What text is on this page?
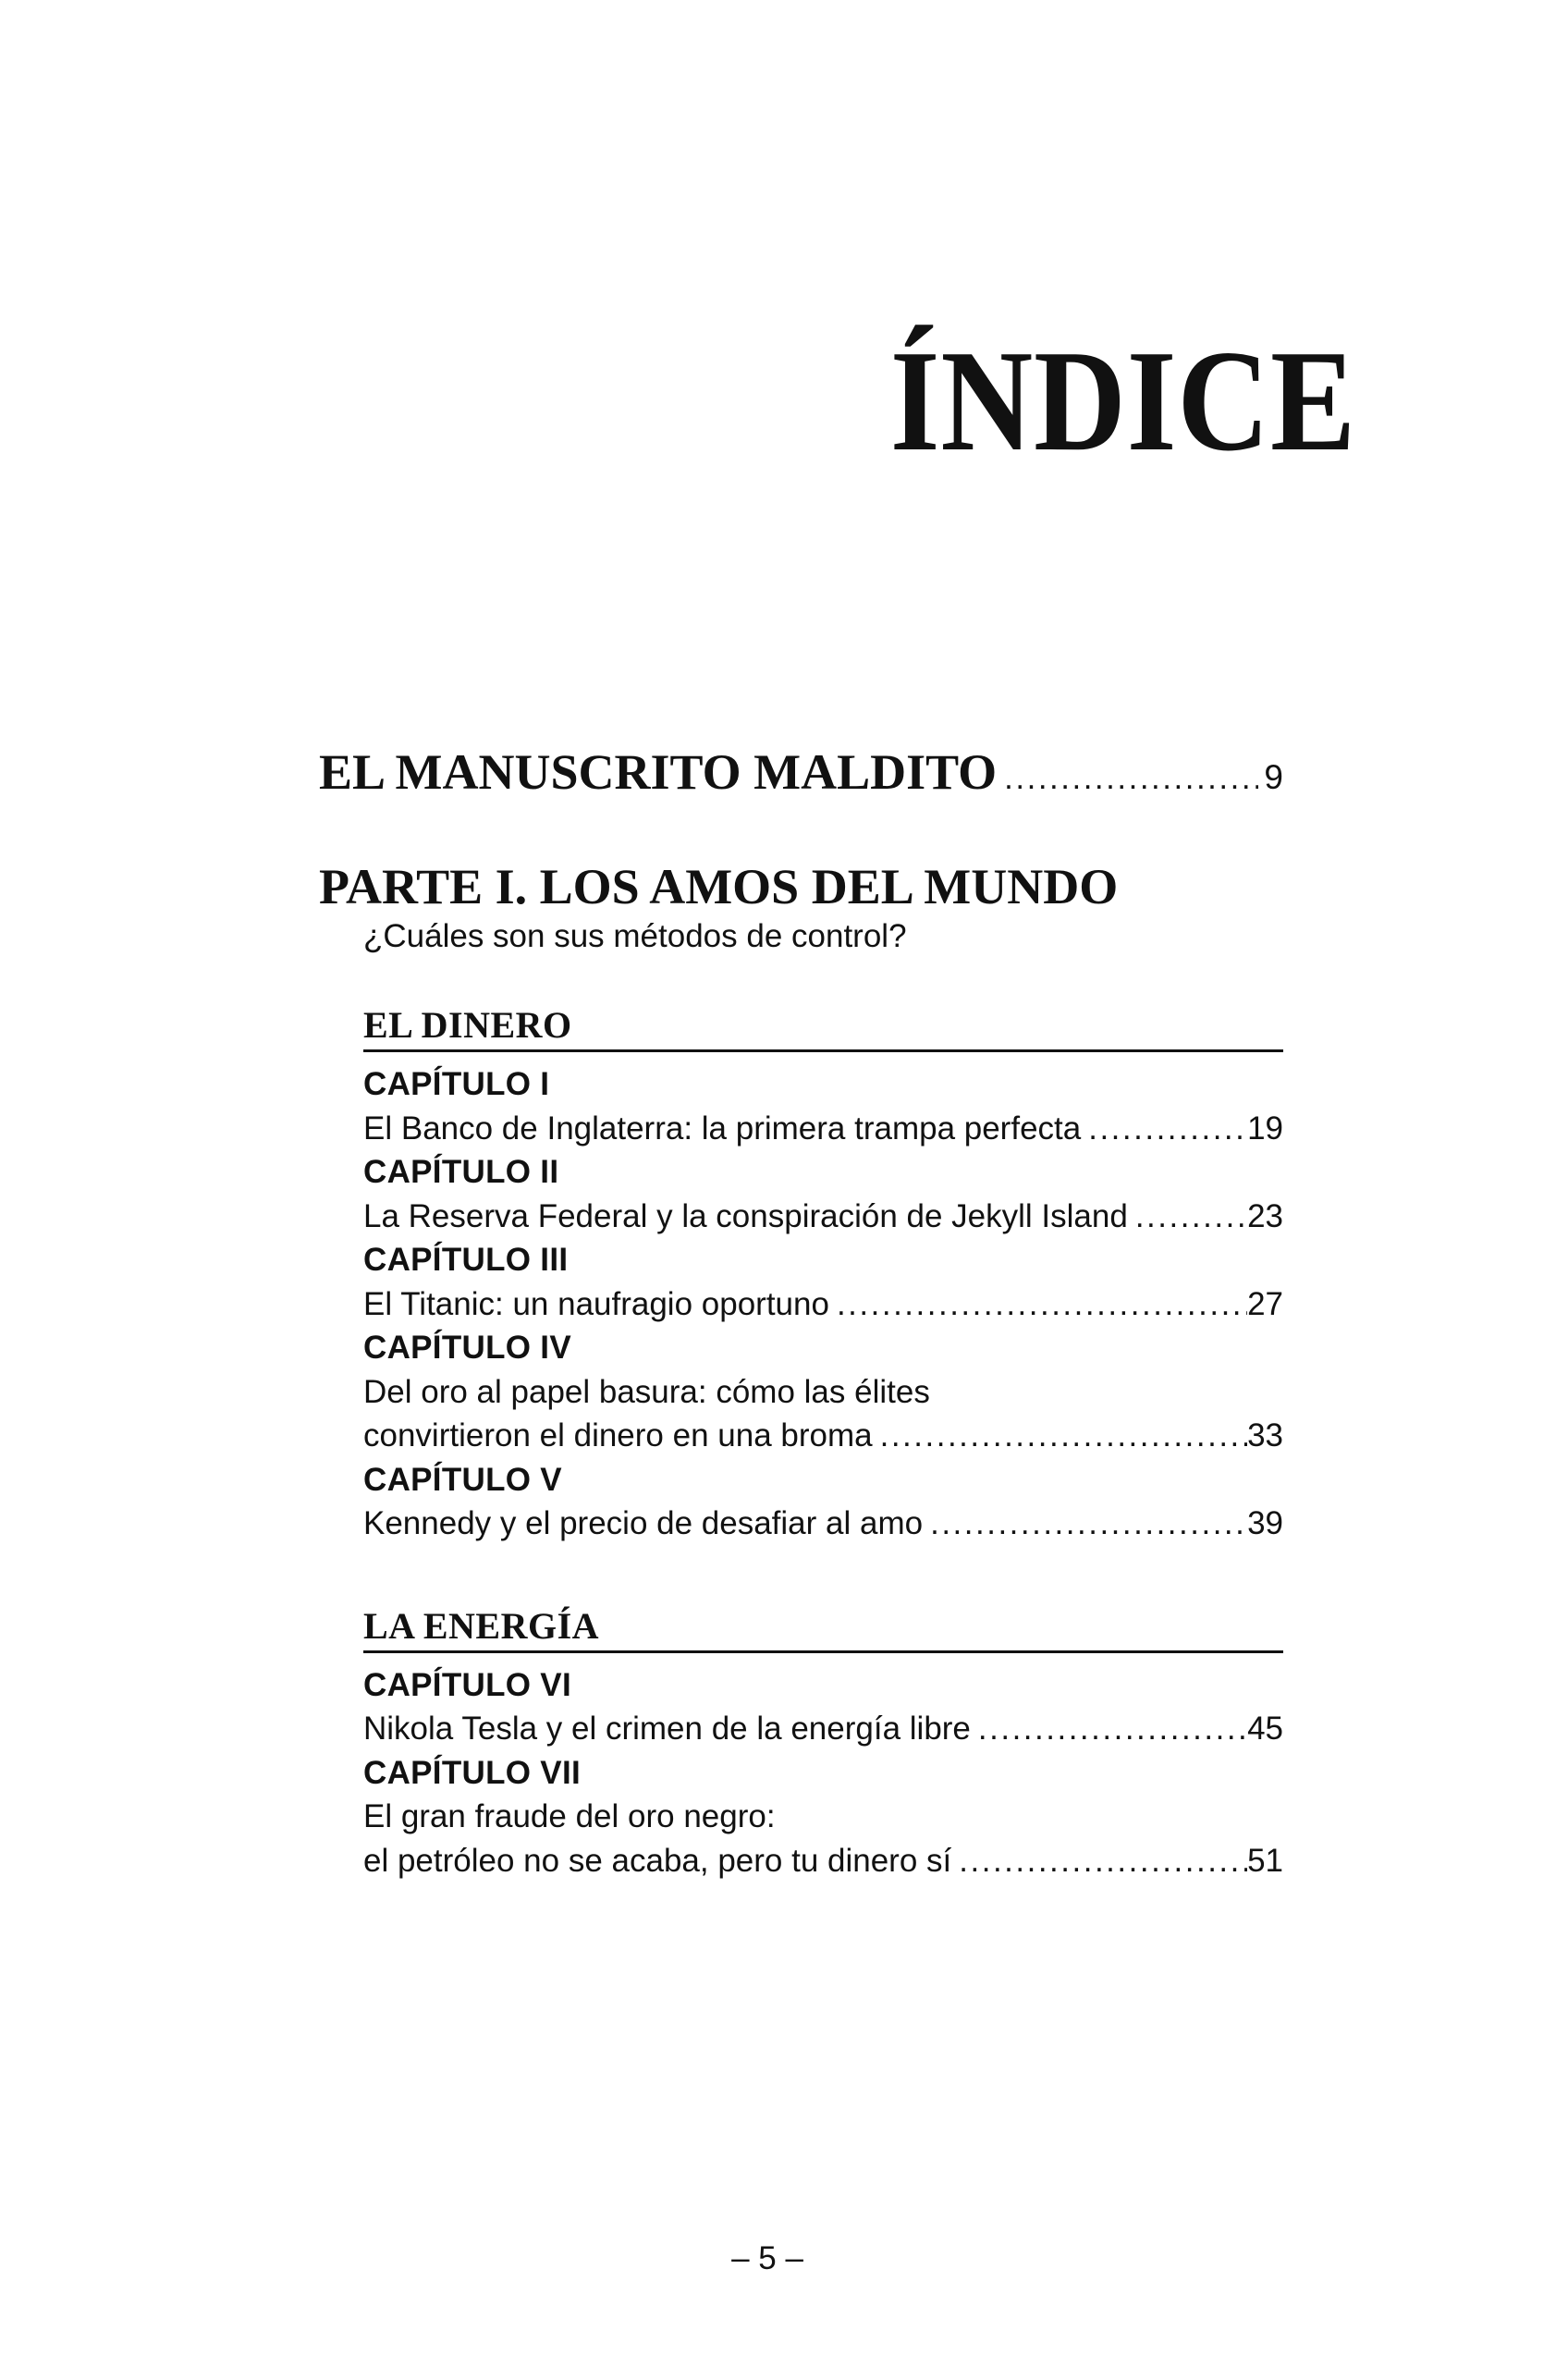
ÍNDICE
EL MANUSCRITO MALDITO .....	9
PARTE I. LOS AMOS DEL MUNDO
¿Cuáles son sus métodos de control?
EL DINERO
CAPÍTULO I
El Banco de Inglaterra: la primera trampa perfecta .....	19
CAPÍTULO II
La Reserva Federal y la conspiración de Jekyll Island .....	23
CAPÍTULO III
El Titanic: un naufragio oportuno .....	27
CAPÍTULO IV
Del oro al papel basura: cómo las élites
convirtieron el dinero en una broma .....	33
CAPÍTULO V
Kennedy y el precio de desafiar al amo .....	39
LA ENERGÍA
CAPÍTULO VI
Nikola Tesla y el crimen de la energía libre .....	45
CAPÍTULO VII
El gran fraude del oro negro:
el petróleo no se acaba, pero tu dinero sí .....	51
– 5 –
